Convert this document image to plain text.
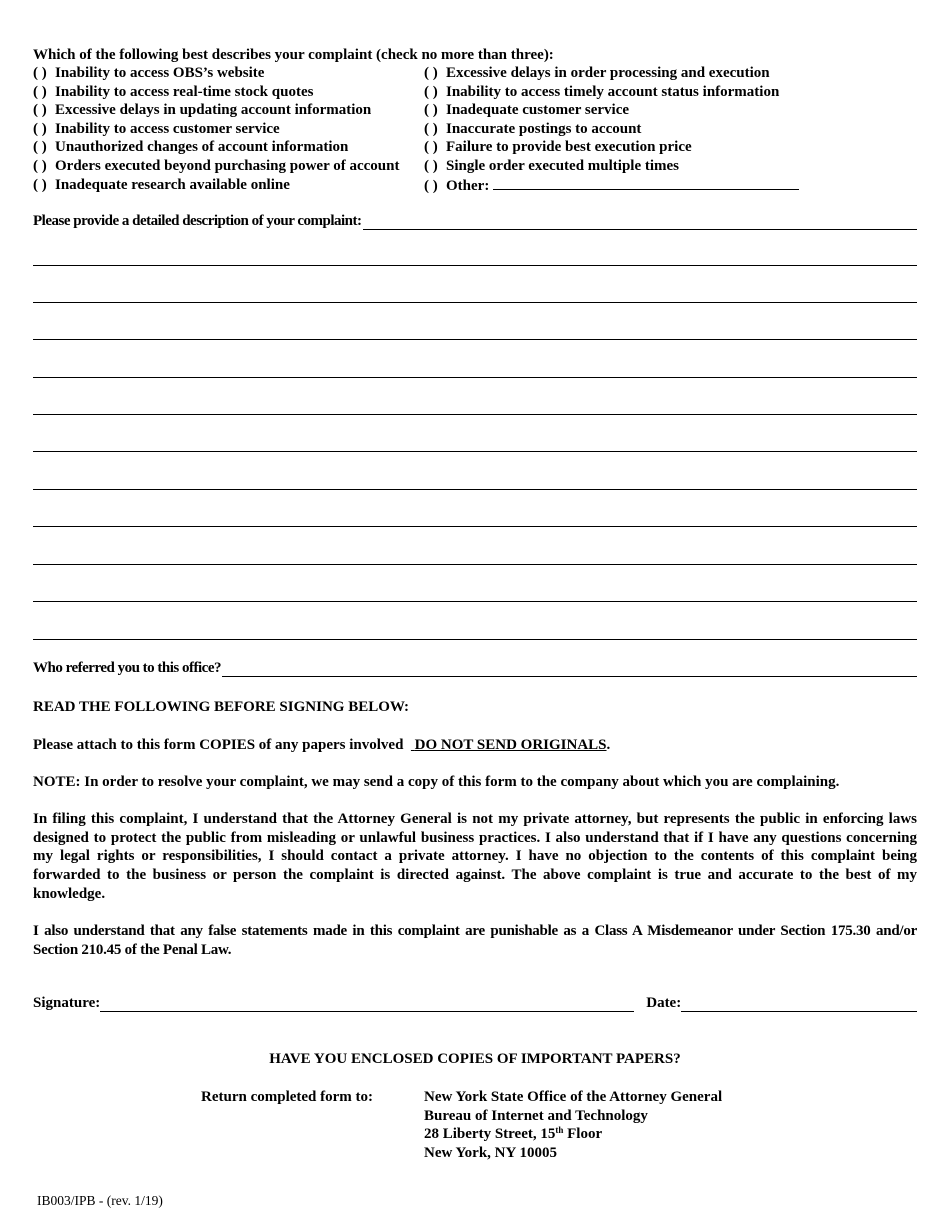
Which of the following best describes your complaint (check no more than three):
( ) Inability to access OBS’s website
( ) Inability to access real-time stock quotes
( ) Excessive delays in updating account information
( ) Inability to access customer service
( ) Unauthorized changes of account information
( ) Orders executed beyond purchasing power of account
( ) Inadequate research available online
( ) Excessive delays in order processing and execution
( ) Inability to access timely account status information
( ) Inadequate customer service
( ) Inaccurate postings to account
( ) Failure to provide best execution price
( ) Single order executed multiple times
( ) Other:
Please provide a detailed description of your complaint:
Who referred you to this office?
READ THE FOLLOWING BEFORE SIGNING BELOW:
Please attach to this form COPIES of any papers involved DO NOT SEND ORIGINALS.
NOTE: In order to resolve your complaint, we may send a copy of this form to the company about which you are complaining.
In filing this complaint, I understand that the Attorney General is not my private attorney, but represents the public in enforcing laws designed to protect the public from misleading or unlawful business practices. I also understand that if I have any questions concerning my legal rights or responsibilities, I should contact a private attorney. I have no objection to the contents of this complaint being forwarded to the business or person the complaint is directed against. The above complaint is true and accurate to the best of my knowledge.
I also understand that any false statements made in this complaint are punishable as a Class A Misdemeanor under Section 175.30 and/or Section 210.45 of the Penal Law.
Signature:	Date:
HAVE YOU ENCLOSED COPIES OF IMPORTANT PAPERS?
Return completed form to:	New York State Office of the Attorney General
Bureau of Internet and Technology
28 Liberty Street, 15th Floor
New York, NY 10005
IB003/IPB - (rev. 1/19)
